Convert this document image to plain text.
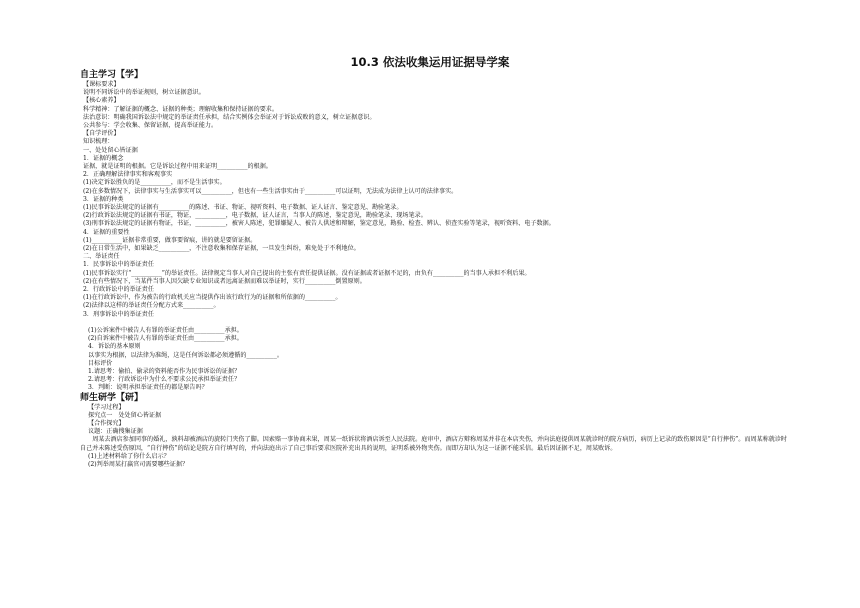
10.3 依法收集运用证据导学案
自主学习【学】
【课标要求】
说明不同诉讼中的举证规则，树立证据意识。
【核心素养】
科学精神：了解证据的概念、证据的种类；理解收集和保持证据的要求。
法治意识：明确我国诉讼法中规定的举证责任承担，结合实例体会举证对于诉讼成败的意义，树立证据意识。
公共参与：学会收集、保留证据，提高举证能力。
【自学评价】
知识梳理：
一、处处留心皆证据
1．证据的概念
证据，就是证明的根据。它是诉讼过程中用来证明__________的根据。
2．正确理解法律事实和客观事实
(1)决定诉讼胜负的是__________，而不是生活事实。
(2)在多数情况下，法律事实与生活事实可以__________，但也有一些生活事实由于__________可以证明，无法成为法律上认可的法律事实。
3．证据的种类
(1)民事诉讼法规定的证据有__________的陈述、书证、物证、视听资料、电子数据、证人证言、鉴定意见、勘验笔录。
(2)行政诉讼法规定的证据有书证，物证，__________，电子数据，证人证言，当事人的陈述，鉴定意见，勘验笔录、现场笔录。
(3)刑事诉讼法规定的证据有物证，书证，__________，被害人陈述，犯罪嫌疑人、被告人供述和辩解，鉴定意见，勘验、检查、辨认、侦查实验等笔录，视听资料、电子数据。
4．证据的重要性
(1)__________证据非常重要，做事要留痕，讲的就是要留证据。
(2)在日常生活中，如果缺乏__________，不注意收集和保存证据，一旦发生纠纷，难免处于不利地位。
二、举证责任
1．民事诉讼中的举证责任
(1)民事诉讼实行“__________”的举证责任。法律规定当事人对自己提出的主张有责任提供证据。没有证据或者证据不足的，由负有__________的当事人承担不利后果。
(2)在有些情况下，当某件当事人因欠缺专业知识或者远离证据而难以举证时，实行__________倒置原则。
2．行政诉讼中的举证责任
(1)在行政诉讼中，作为被告的行政机关应当提供作出该行政行为的证据和所依据的__________。
(2)法律以这样的举证责任分配方式来__________。
3．刑事诉讼中的举证责任
(1)公诉案件中被告人有罪的举证责任由__________承担。
(2)自诉案件中被告人有罪的举证责任由__________承担。
4．诉讼的基本原则
以事实为根据，以法律为准绳，这是任何诉讼都必须遵循的__________。
目标评价
1.请思考：偷拍、偷录的资料能否作为民事诉讼的证据？
2.请思考：行政诉讼中为什么不要求公民承担举证责任？
3．判断：说明承担举证责任的都是原告吗？
师生研学【研】
【学习过程】
探究点一　处处留心皆证据
【合作探究】
议题：正确搜集证据
周某去酒店参加同事的婚礼，孰料却被酒店的旋转门夹伤了脚。因索赔一事协商未果，周某一纸诉状将酒店诉至人民法院。庭审中，酒店方辩称周某并非在本店夹伤，并向法庭提供周某就诊时的院方病历，病历上记录的致伤原因是“自行摔伤”。而周某称就诊时自己并未陈述受伤原因，“自行摔伤”的结论是院方自行填写的，并向法庭出示了自己事后要求医院补充出具的说明，证明系被外物夹伤。而即方却认为这一证据不能采信。最后因证据不足，周某败诉。
(1)上述材料给了你什么启示？
(2)判举周某打赢官司需要哪些证据？
